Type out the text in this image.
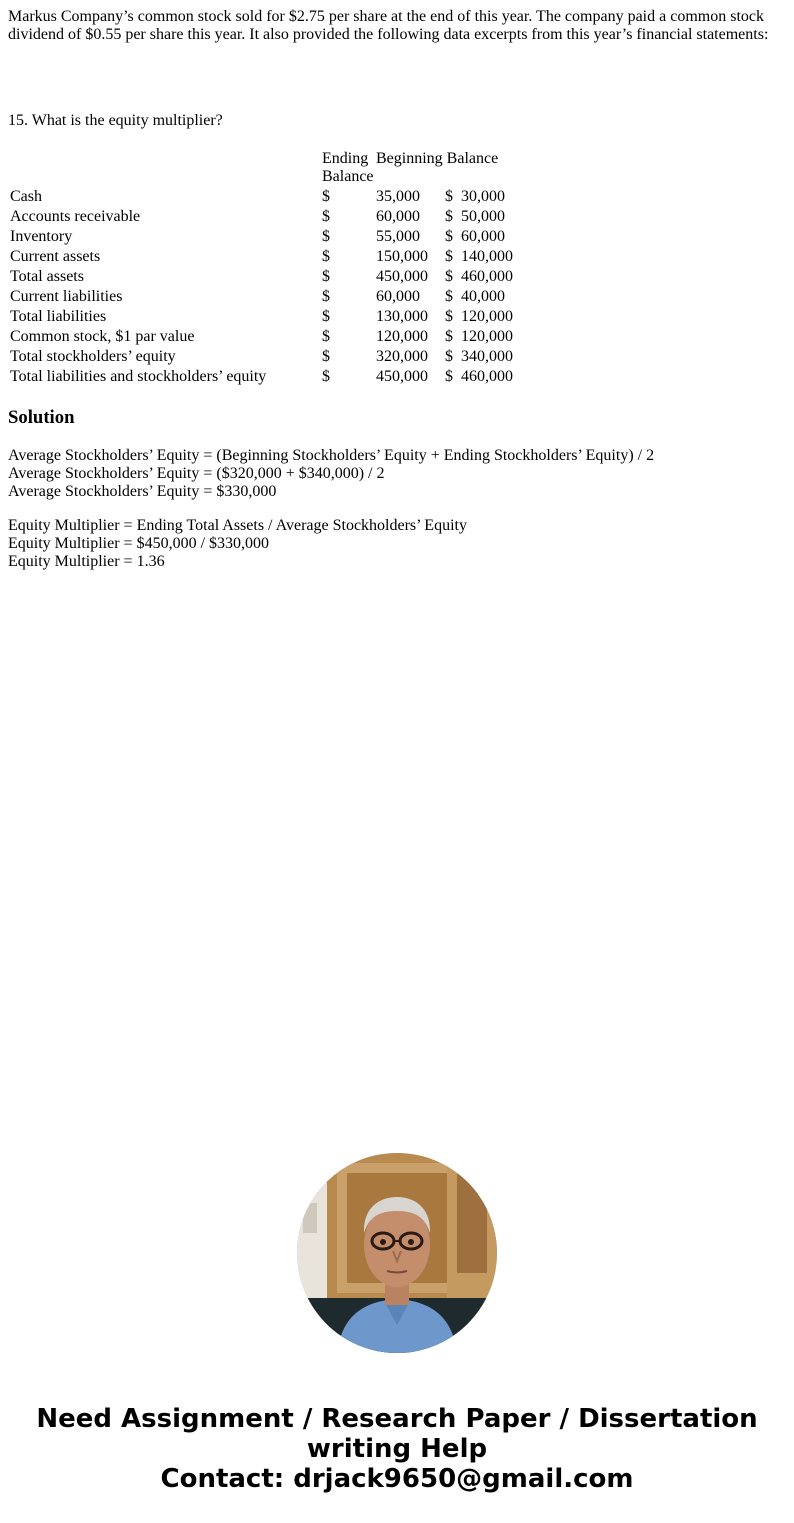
Markus Company’s common stock sold for $2.75 per share at the end of this year. The company paid a common stock dividend of $0.55 per share this year. It also provided the following data excerpts from this year’s financial statements:

15. What is the equity multiplier?

	Ending Balance	Beginning Balance		
Cash	$	35,000	$	30,000
Accounts receivable	$	60,000	$	50,000
Inventory	$	55,000	$	60,000
Current assets	$	150,000	$	140,000
Total assets	$	450,000	$	460,000
Current liabilities	$	60,000	$	40,000
Total liabilities	$	130,000	$	120,000
Common stock, $1 par value	$	120,000	$	120,000
Total stockholders’ equity	$	320,000	$	340,000
Total liabilities and stockholders’ equity	$	450,000	$	460,000
Solution
Average Stockholders’ Equity = (Beginning Stockholders’ Equity + Ending Stockholders’ Equity) / 2
Average Stockholders’ Equity = ($320,000 + $340,000) / 2
Average Stockholders’ Equity = $330,000
Equity Multiplier = Ending Total Assets / Average Stockholders’ Equity
Equity Multiplier = $450,000 / $330,000
Equity Multiplier = 1.36
Need Assignment / Research Paper / Dissertation
writing Help
Contact: drjack9650@gmail.com
